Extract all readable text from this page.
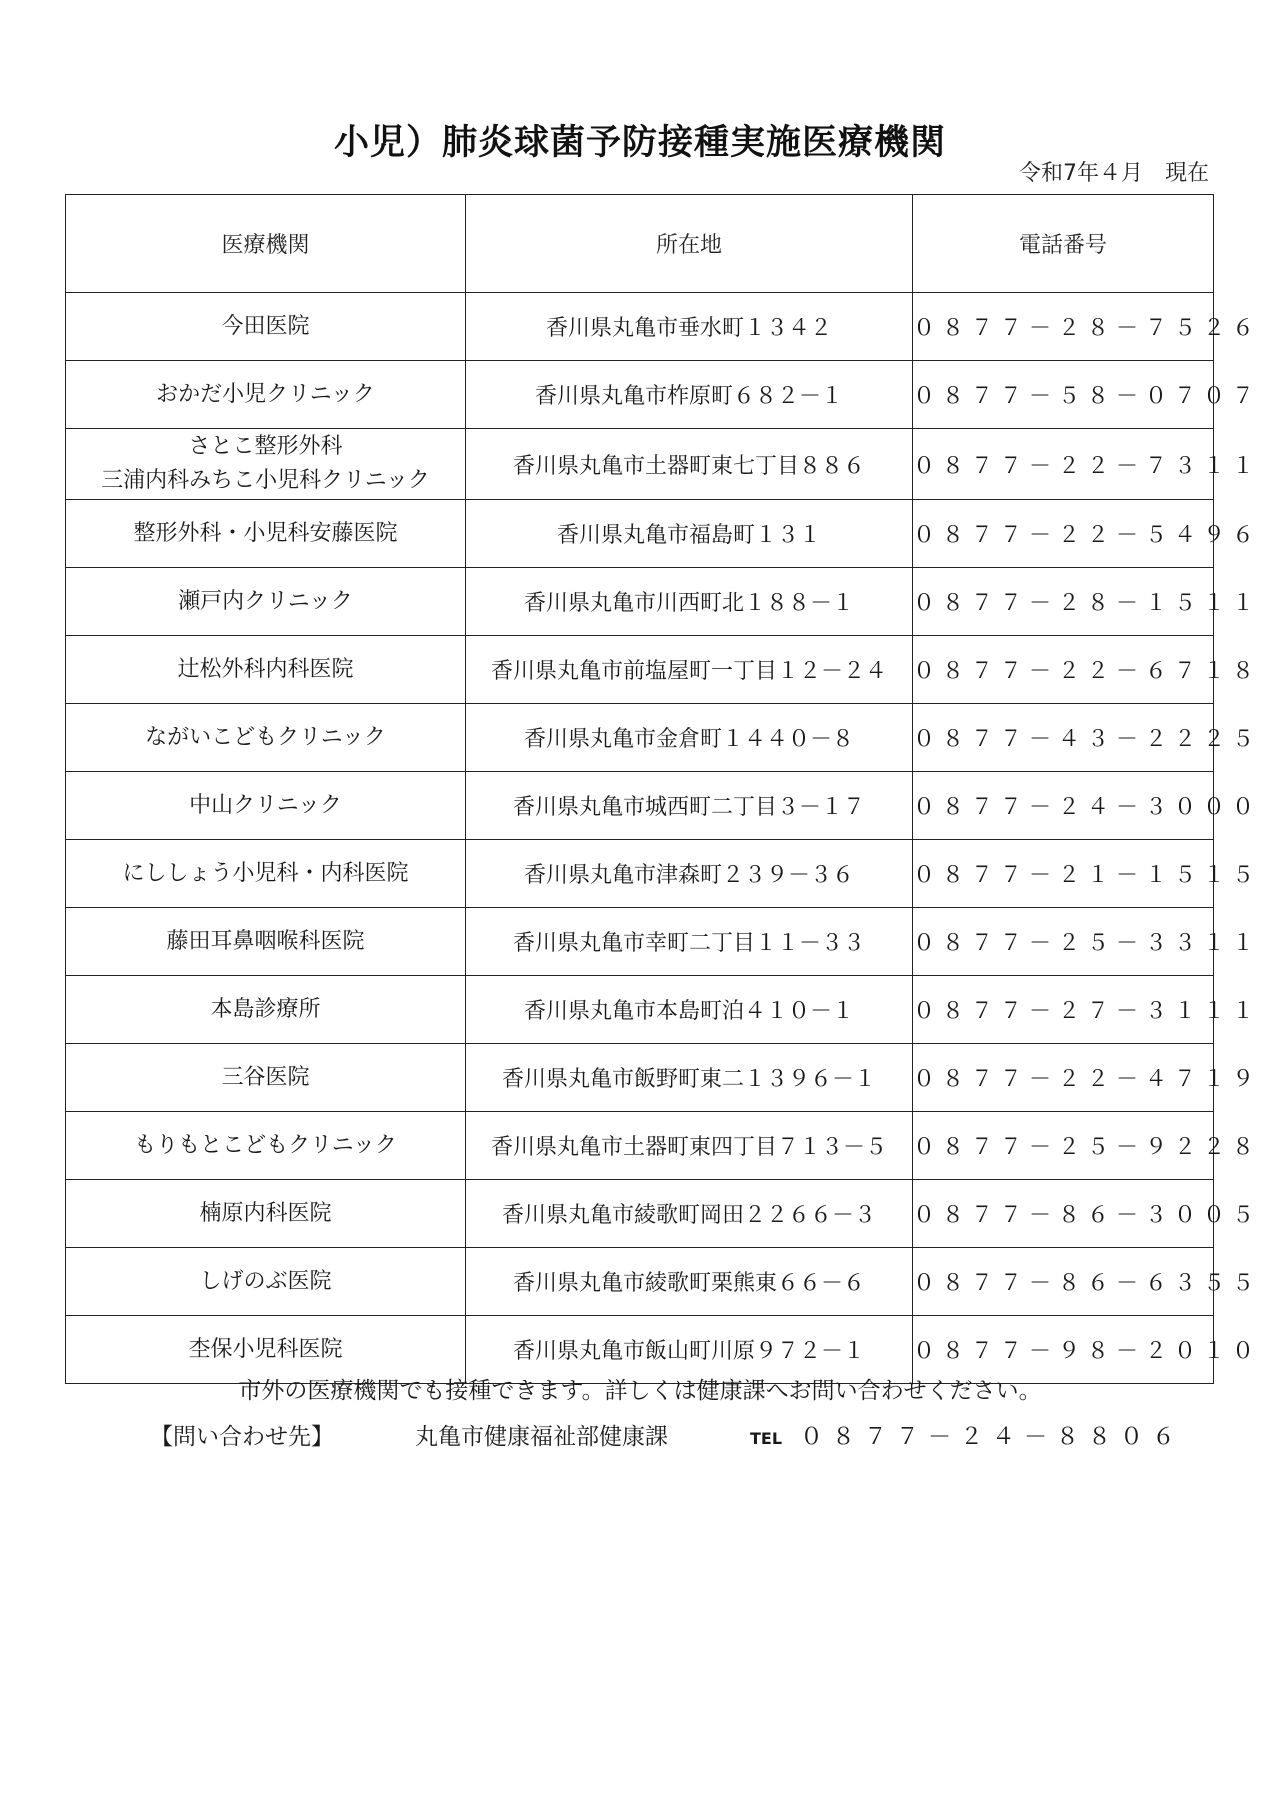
小児）肺炎球菌予防接種実施医療機関
令和7年４月　現在
医療機関	所在地	電話番号

今田医院	香川県丸亀市垂水町１３４２	０８７７－２８－７５２６

おかだ小児クリニック	香川県丸亀市柞原町６８２－１	０８７７－５８－０７０７

さとこ整形外科
三浦内科みちこ小児科クリニック	香川県丸亀市土器町東七丁目８８６	０８７７－２２－７３１１

整形外科・小児科安藤医院	香川県丸亀市福島町１３１	０８７７－２２－５４９６

瀬戸内クリニック	香川県丸亀市川西町北１８８－１	０８７７－２８－１５１１

辻松外科内科医院	香川県丸亀市前塩屋町一丁目１２－２４	０８７７－２２－６７１８

ながいこどもクリニック	香川県丸亀市金倉町１４４０－８	０８７７－４３－２２２５

中山クリニック	香川県丸亀市城西町二丁目３－１７	０８７７－２４－３０００

にししょう小児科・内科医院	香川県丸亀市津森町２３９－３６	０８７７－２１－１５１５

藤田耳鼻咽喉科医院	香川県丸亀市幸町二丁目１１－３３	０８７７－２５－３３１１

本島診療所	香川県丸亀市本島町泊４１０－１	０８７７－２７－３１１１

三谷医院	香川県丸亀市飯野町東二１３９６－１	０８７７－２２－４７１９

もりもとこどもクリニック	香川県丸亀市土器町東四丁目７１３－５	０８７７－２５－９２２８

楠原内科医院	香川県丸亀市綾歌町岡田２２６６－３	０８７７－８６－３００５

しげのぶ医院	香川県丸亀市綾歌町栗熊東６６－６	０８７７－８６－６３５５

杢保小児科医院	香川県丸亀市飯山町川原９７２－１	０８７７－９８－２０１０
市外の医療機関でも接種できます。詳しくは健康課へお問い合わせください。
【問い合わせ先】	丸亀市健康福祉部健康課	TEL ０８７７－２４－８８０６
